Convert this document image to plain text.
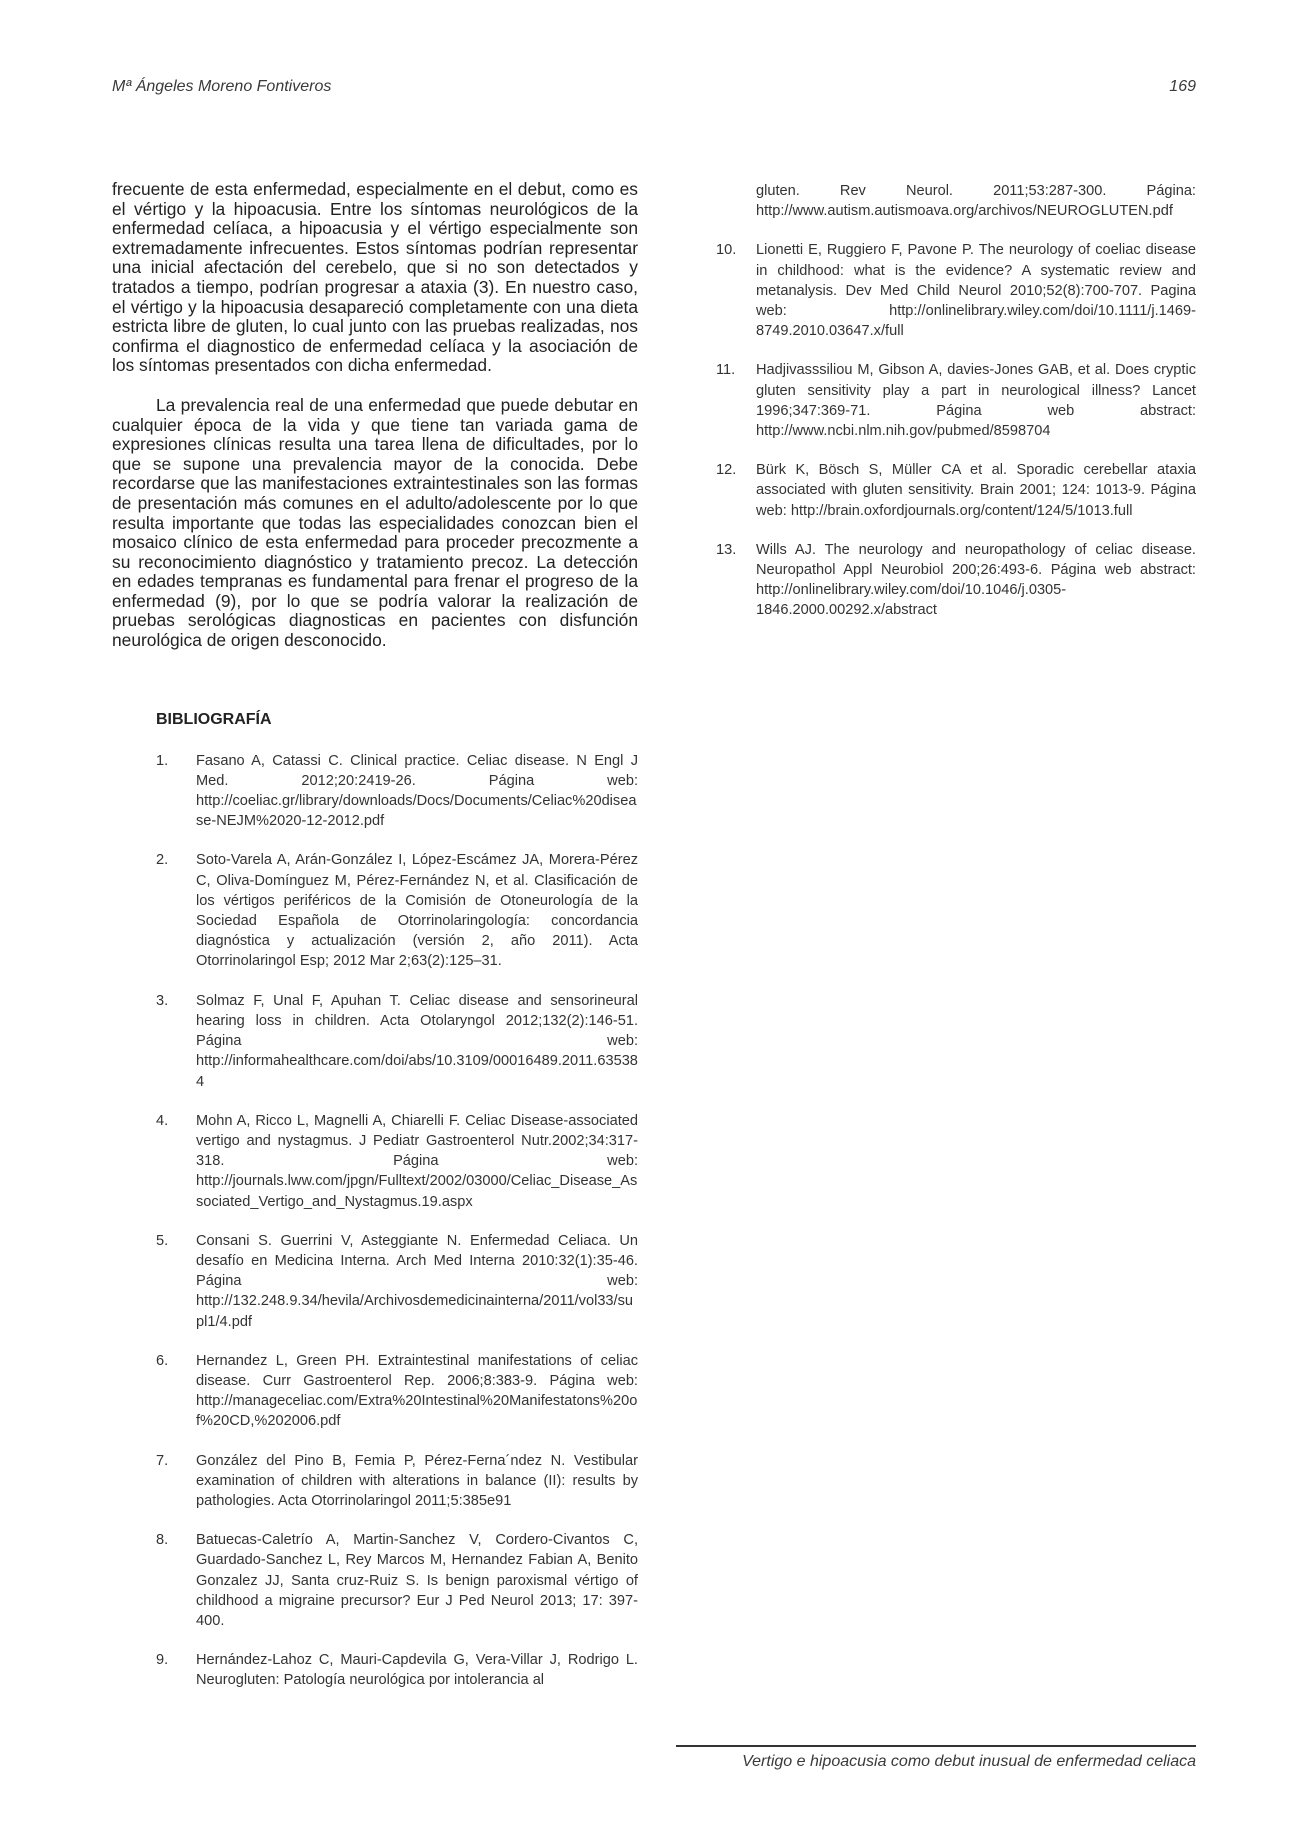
Mª Ángeles Moreno Fontiveros	169

frecuente de esta enfermedad, especialmente en el debut, como es el vértigo y la hipoacusia. Entre los síntomas neurológicos de la enfermedad celíaca, a hipoacusia y el vértigo especialmente son extremadamente infrecuentes. Estos síntomas podrían representar una inicial afectación del cerebelo, que si no son detectados y tratados a tiempo, podrían progresar a ataxia (3). En nuestro caso, el vértigo y la hipoacusia desapareció completamente con una dieta estricta libre de gluten, lo cual junto con las pruebas realizadas, nos confirma el diagnostico de enfermedad celíaca y la asociación de los síntomas presentados con dicha enfermedad.

La prevalencia real de una enfermedad que puede debutar en cualquier época de la vida y que tiene tan variada gama de expresiones clínicas resulta una tarea llena de dificultades, por lo que se supone una prevalencia mayor de la conocida. Debe recordarse que las manifestaciones extraintestinales son las formas de presentación más comunes en el adulto/adolescente por lo que resulta importante que todas las especialidades conozcan bien el mosaico clínico de esta enfermedad para proceder precozmente a su reconocimiento diagnóstico y tratamiento precoz. La detección en edades tempranas es fundamental para frenar el progreso de la enfermedad (9), por lo que se podría valorar la realización de pruebas serológicas diagnosticas en pacientes con disfunción neurológica de origen desconocido.

BIBLIOGRAFÍA
1.	Fasano A, Catassi C. Clinical practice. Celiac disease. N Engl J Med. 2012;20:2419-26. Página web: http://coeliac.gr/library/downloads/Docs/Documents/Celiac%20disease-NEJM%2020-12-2012.pdf
2.	Soto-Varela A, Arán-González I, López-Escámez JA, Morera-Pérez C, Oliva-Domínguez M, Pérez-Fernández N, et al. Clasificación de los vértigos periféricos de la Comisión de Otoneurología de la Sociedad Española de Otorrinolaringología: concordancia diagnóstica y actualización (versión 2, año 2011). Acta Otorrinolaringol Esp; 2012 Mar 2;63(2):125–31.
3.	Solmaz F, Unal F, Apuhan T. Celiac disease and sensorineural hearing loss in children. Acta Otolaryngol 2012;132(2):146-51. Página web: http://informahealthcare.com/doi/abs/10.3109/00016489.2011.635384
4.	Mohn A, Ricco L, Magnelli A, Chiarelli F. Celiac Disease-associated vertigo and nystagmus. J Pediatr Gastroenterol Nutr.2002;34:317-318. Página web: http://journals.lww.com/jpgn/Fulltext/2002/03000/Celiac_Disease_Associated_Vertigo_and_Nystagmus.19.aspx
5.	Consani S. Guerrini V, Asteggiante N. Enfermedad Celiaca. Un desafío en Medicina Interna. Arch Med Interna 2010:32(1):35-46. Página web: http://132.248.9.34/hevila/Archivosdemedicinainterna/2011/vol33/supl1/4.pdf
6.	Hernandez L, Green PH. Extraintestinal manifestations of celiac disease. Curr Gastroenterol Rep. 2006;8:383-9. Página web: http://manageceliac.com/Extra%20Intestinal%20Manifestatons%20of%20CD,%202006.pdf
7.	González del Pino B, Femia P, Pérez-Ferna´ndez N. Vestibular examination of children with alterations in balance (II): results by pathologies. Acta Otorrinolaringol 2011;5:385e91
8.	Batuecas-Caletrío A, Martin-Sanchez V, Cordero-Civantos C, Guardado-Sanchez L, Rey Marcos M, Hernandez Fabian A, Benito Gonzalez JJ, Santa cruz-Ruiz S. Is benign paroxismal vértigo of childhood a migraine precursor? Eur J Ped Neurol 2013; 17: 397-400.
9.	Hernández-Lahoz C, Mauri-Capdevila G, Vera-Villar J, Rodrigo L. Neurogluten: Patología neurológica por intolerancia al
gluten. Rev Neurol. 2011;53:287-300. Página: http://www.autism.autismoava.org/archivos/NEUROGLUTEN.pdf
10.	Lionetti E, Ruggiero F, Pavone P. The neurology of coeliac disease in childhood: what is the evidence? A systematic review and metanalysis. Dev Med Child Neurol 2010;52(8):700-707. Pagina web: http://onlinelibrary.wiley.com/doi/10.1111/j.1469-8749.2010.03647.x/full
11.	Hadjivasssiliou M, Gibson A, davies-Jones GAB, et al. Does cryptic gluten sensitivity play a part in neurological illness? Lancet 1996;347:369-71. Página web abstract: http://www.ncbi.nlm.nih.gov/pubmed/8598704
12.	Bürk K, Bösch S, Müller CA et al. Sporadic cerebellar ataxia associated with gluten sensitivity. Brain 2001; 124: 1013-9. Página web: http://brain.oxfordjournals.org/content/124/5/1013.full
13.	Wills AJ. The neurology and neuropathology of celiac disease. Neuropathol Appl Neurobiol 200;26:493-6. Página web abstract: http://onlinelibrary.wiley.com/doi/10.1046/j.0305-1846.2000.00292.x/abstract
Vertigo e hipoacusia como debut inusual de enfermedad celiaca
